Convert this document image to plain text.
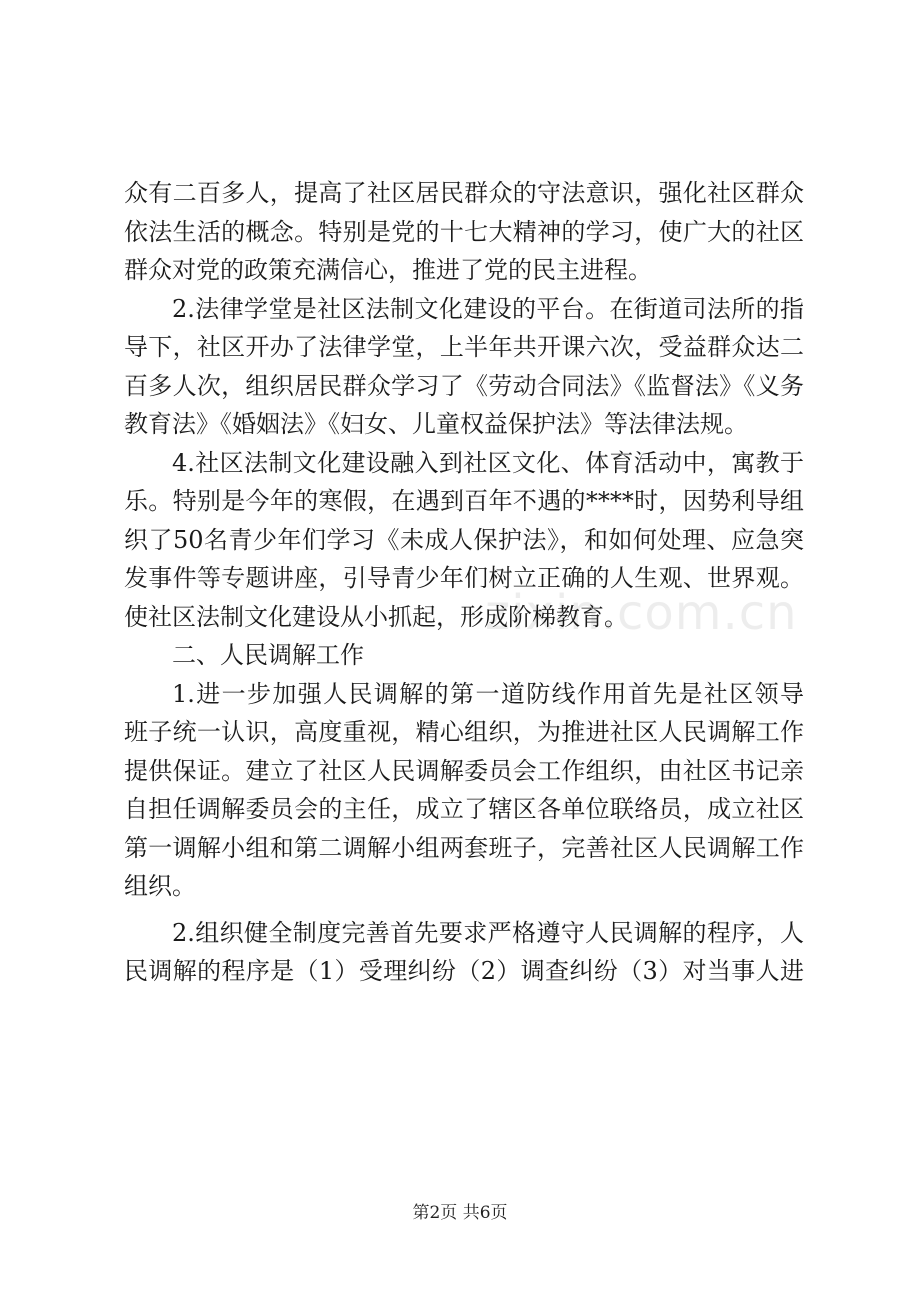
众有二百多人，提高了社区居民群众的守法意识，强化社区群众
依法生活的概念。特别是党的十七大精神的学习，使广大的社区
群众对党的政策充满信心，推进了党的民主进程。
2.法律学堂是社区法制文化建设的平台。在街道司法所的指
导下，社区开办了法律学堂，上半年共开课六次，受益群众达二
百多人次，组织居民群众学习了《劳动合同法》《监督法》《义务
教育法》《婚姻法》《妇女、儿童权益保护法》等法律法规。
4.社区法制文化建设融入到社区文化、体育活动中，寓教于
乐。特别是今年的寒假，在遇到百年不遇的****时，因势利导组
织了50名青少年们学习《未成人保护法》，和如何处理、应急突
发事件等专题讲座，引导青少年们树立正确的人生观、世界观。
使社区法制文化建设从小抓起，形成阶梯教育。
二、人民调解工作
1.进一步加强人民调解的第一道防线作用首先是社区领导
班子统一认识，高度重视，精心组织，为推进社区人民调解工作
提供保证。建立了社区人民调解委员会工作组织，由社区书记亲
自担任调解委员会的主任，成立了辖区各单位联络员，成立社区
第一调解小组和第二调解小组两套班子，完善社区人民调解工作
组织。
2.组织健全制度完善首先要求严格遵守人民调解的程序，人
民调解的程序是（1）受理纠纷（2）调查纠纷（3）对当事人进
zixin.com.cn
第2页 共6页
